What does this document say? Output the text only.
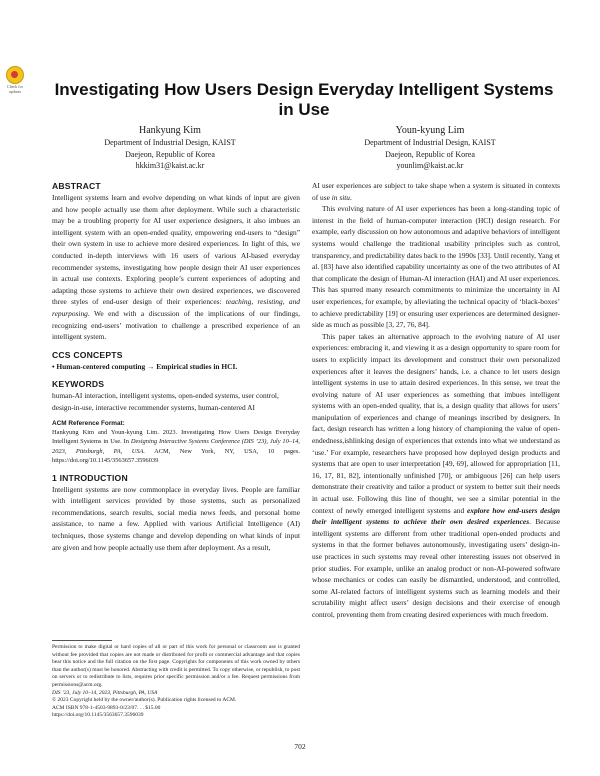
Check for updates	Investigating How Users Design Everyday Intelligent Systems in Use
Hankyung Kim
Department of Industrial Design, KAIST
Daejeon, Republic of Korea
hkkim31@kaist.ac.kr
Youn-kyung Lim
Department of Industrial Design, KAIST
Daejeon, Republic of Korea
younlim@kaist.ac.kr
ABSTRACT

Intelligent systems learn and evolve depending on what kinds of input are given and how people actually use them after deployment. While such a characteristic may be a troubling property for AI user experience designers, it also imbues an intelligent system with an open-ended quality, empowering end-users to “design” their own system in use to achieve more desired experiences. In light of this, we conducted in-depth interviews with 16 users of various AI-based everyday recommender systems, investigating how people design their AI user experiences in actual use contexts. Exploring people’s current experiences of adopting and adapting those systems to achieve their own desired experiences, we discovered three styles of end-user design of their experiences: teaching, resisting, and repurposing. We end with a discussion of the implications of our findings, recognizing end-users’ motivation to challenge a prescribed experience of an intelligent system.

CCS CONCEPTS

• Human-centered computing → Empirical studies in HCI.

KEYWORDS

human-AI interaction, intelligent systems, open-ended systems, user control, design-in-use, interactive recommender systems, human-centered AI

ACM Reference Format:
Hankyung Kim and Youn-kyung Lim. 2023. Investigating How Users Design Everyday Intelligent Systems in Use. In Designing Interactive Systems Conference (DIS ’23), July 10–14, 2023, Pittsburgh, PA, USA. ACM, New York, NY, USA, 10 pages. https://doi.org/10.1145/3563657.3596039
1 INTRODUCTION

Intelligent systems are now commonplace in everyday lives. People are familiar with intelligent services provided by those systems, such as personalized recommendations, search results, social media news feeds, and personal home assistance, to name a few. Applied with various Artificial Intelligence (AI) techniques, those systems change and develop depending on what kinds of input are given and how people actually use them after deployment. As a result,

Permission to make digital or hard copies of all or part of this work for personal or classroom use is granted without fee provided that copies are not made or distributed for profit or commercial advantage and that copies bear this notice and the full citation on the first page. Copyrights for components of this work owned by others than the author(s) must be honored. Abstracting with credit is permitted. To copy otherwise, or republish, to post on servers or to redistribute to lists, requires prior specific permission and/or a fee. Request permissions from permissions@acm.org.
DIS ’23, July 10–14, 2023, Pittsburgh, PA, USA
© 2023 Copyright held by the owner/author(s). Publication rights licensed to ACM.
ACM ISBN 978-1-4503-9893-0/23/07. . . $15.00
https://doi.org/10.1145/3563657.3596039

AI user experiences are subject to take shape when a system is situated in contexts of use in situ.

This evolving nature of AI user experiences has been a long-standing topic of interest in the field of human-computer interaction (HCI) design research. For example, early discussion on how autonomous and adaptive behaviors of intelligent systems would challenge the traditional usability principles such as control, transparency, and predictability dates back to the 1990s [33]. Until recently, Yang et al. [83] have also identified capability uncertainty as one of the two attributes of AI that complicate the design of Human-AI interaction (HAI) and AI user experiences. This has spurred many research commitments to minimize the uncertainty in AI user experiences, for example, by alleviating the technical opacity of ‘black-boxes’ to achieve predictability [19] or ensuring user experiences are determined designer-side as much as possible [3, 27, 76, 84].

This paper takes an alternative approach to the evolving nature of AI user experiences: embracing it, and viewing it as a design opportunity to spare room for users to explicitly impact its development and construct their own personalized experiences after it leaves the designers’ hands, i.e. a chance to let users design intelligent systems in use to attain desired experiences. In this sense, we treat the evolving nature of AI user experiences as something that imbues intelligent systems with an open-ended quality, that is, a design quality that allows for users’ manipulation of experiences and change of meanings inscribed by designers. In fact, design research has written a long history of championing the value of open-endedness,ishlinking design of experiences that extends into what we understand as ‘use.’ For example, researchers have proposed how deployed design products and systems that are open to user interpretation [49, 69], allowed for appropriation [11, 16, 17, 81, 82], intentionally unfinished [70], or ambiguous [26] can help users demonstrate their creativity and tailor a product or system to better suit their needs in actual use. Following this line of thought, we see a similar potential in the context of newly emerged intelligent systems and explore how end-users design their intelligent systems to achieve their own desired experiences. Because intelligent systems are different from other traditional open-ended products and systems in that the former behaves autonomously, investigating users’ design-in-use practices in such systems may reveal other interesting issues not observed in prior studies. For example, unlike an analog product or non-AI-powered software whose mechanics or codes can easily be dismantled, understood, and controlled, some AI-related factors of intelligent systems such as learning models and their scrutability might affect users’ design decisions and their exercise of enough control, preventing them from creating desired experiences with much freedom.

702
